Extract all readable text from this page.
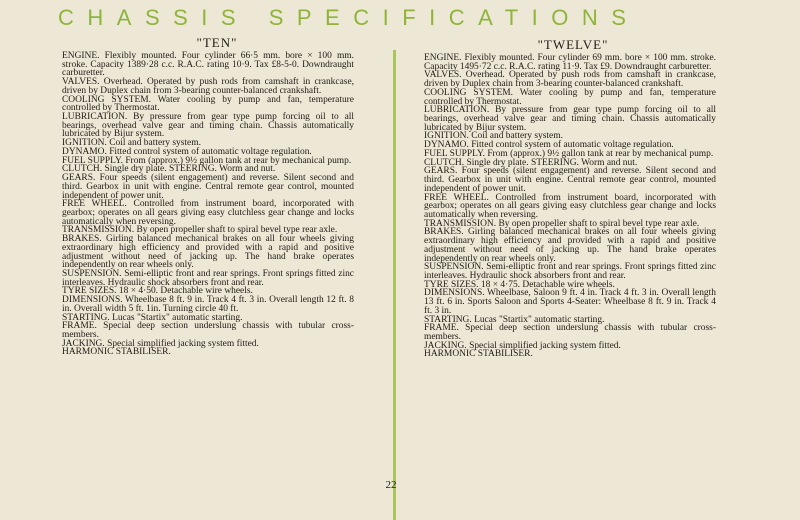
CHASSIS SPECIFICATIONS
"TEN"

ENGINE. Flexibly mounted. Four cylinder 66·5 mm. bore × 100 mm. stroke. Capacity 1389·28 c.c. R.A.C. rating 10·9. Tax £8-5-0. Downdraught carburetter.

VALVES. Overhead. Operated by push rods from camshaft in crankcase, driven by Duplex chain from 3-bearing counter-balanced crankshaft.

COOLING SYSTEM. Water cooling by pump and fan, temperature controlled by Thermostat.

LUBRICATION. By pressure from gear type pump forcing oil to all bearings, overhead valve gear and timing chain. Chassis automatically lubricated by Bijur system.

IGNITION. Coil and battery system.

DYNAMO. Fitted control system of automatic voltage regulation.

FUEL SUPPLY. From (approx.) 9½ gallon tank at rear by mechanical pump.

CLUTCH. Single dry plate. STEERING. Worm and nut.

GEARS. Four speeds (silent engagement) and reverse. Silent second and third. Gearbox in unit with engine. Central remote gear control, mounted independent of power unit.

FREE WHEEL. Controlled from instrument board, incorporated with gearbox; operates on all gears giving easy clutchless gear change and locks automatically when reversing.

TRANSMISSION. By open propeller shaft to spiral bevel type rear axle.

BRAKES. Girling balanced mechanical brakes on all four wheels giving extraordinary high efficiency and provided with a rapid and positive adjustment without need of jacking up. The hand brake operates independently on rear wheels only.

SUSPENSION. Semi-elliptic front and rear springs. Front springs fitted zinc interleaves. Hydraulic shock absorbers front and rear.

TYRE SIZES. 18 × 4·50. Detachable wire wheels.

DIMENSIONS. Wheelbase 8 ft. 9 in. Track 4 ft. 3 in. Overall length 12 ft. 8 in. Overall width 5 ft. 1in. Turning circle 40 ft.

STARTING. Lucas "Startix" automatic starting.

FRAME. Special deep section underslung chassis with tubular cross-members.

JACKING. Special simplified jacking system fitted.

HARMONIC STABILISER.

"TWELVE"

ENGINE. Flexibly mounted. Four cylinder 69 mm. bore × 100 mm. stroke. Capacity 1495·72 c.c. R.A.C. rating 11·9. Tax £9. Downdraught carburetter.

VALVES. Overhead. Operated by push rods from camshaft in crankcase, driven by Duplex chain from 3-bearing counter-balanced crankshaft.

COOLING SYSTEM. Water cooling by pump and fan, temperature controlled by Thermostat.

LUBRICATION. By pressure from gear type pump forcing oil to all bearings, overhead valve gear and timing chain. Chassis automatically lubricated by Bijur system.

IGNITION. Coil and battery system.

DYNAMO. Fitted control system of automatic voltage regulation.

FUEL SUPPLY. From (approx.) 9½ gallon tank at rear by mechanical pump.

CLUTCH. Single dry plate. STEERING. Worm and nut.

GEARS. Four speeds (silent engagement) and reverse. Silent second and third. Gearbox in unit with engine. Central remote gear control, mounted independent of power unit.

FREE WHEEL. Controlled from instrument board, incorporated with gearbox; operates on all gears giving easy clutchless gear change and locks automatically when reversing.

TRANSMISSION. By open propeller shaft to spiral bevel type rear axle.

BRAKES. Girling balanced mechanical brakes on all four wheels giving extraordinary high efficiency and provided with a rapid and positive adjustment without need of jacking up. The hand brake operates independently on rear wheels only.

SUSPENSION. Semi-elliptic front and rear springs. Front springs fitted zinc interleaves. Hydraulic shock absorbers front and rear.

TYRE SIZES. 18 × 4·75. Detachable wire wheels.

DIMENSIONS. Wheelbase, Saloon 9 ft. 4 in. Track 4 ft. 3 in. Overall length 13 ft. 6 in. Sports Saloon and Sports 4-Seater: Wheelbase 8 ft. 9 in. Track 4 ft. 3 in.

STARTING. Lucas "Startix" automatic starting.

FRAME. Special deep section underslung chassis with tubular cross-members.

JACKING. Special simplified jacking system fitted.

HARMONIC STABILISER.

22
